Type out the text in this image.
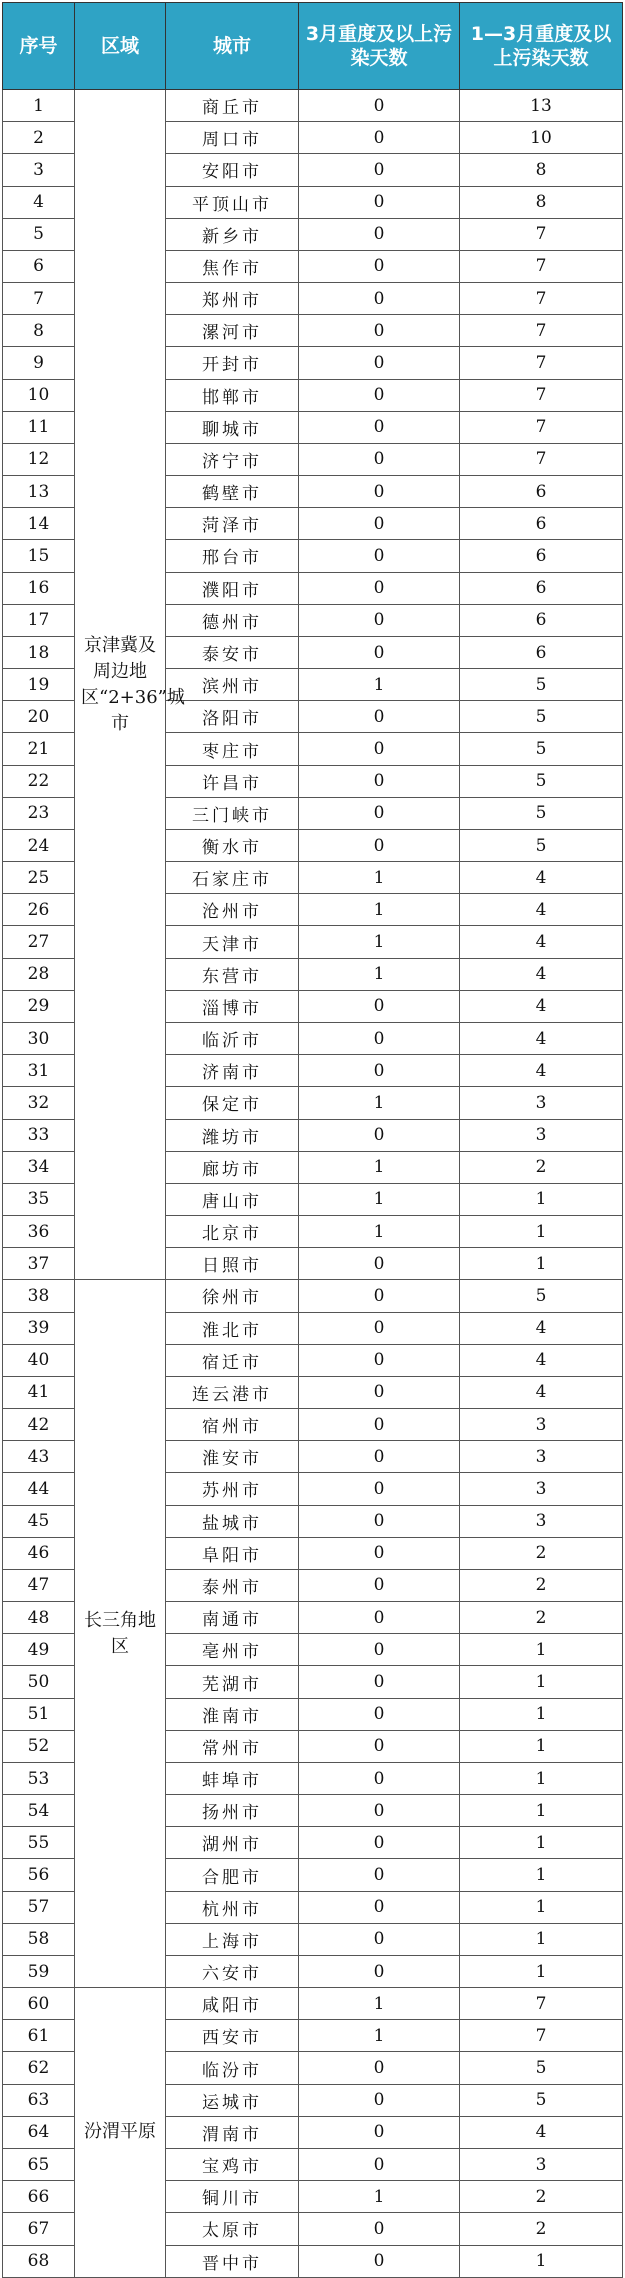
序号	区域	城市	3月重度及以上污染天数	1—3月重度及以上污染天数
1	京津冀及周边地区“2+36”城市	商丘市	0	13
2		周口市	0	10
3		安阳市	0	8
4		平顶山市	0	8
5		新乡市	0	7
6		焦作市	0	7
7		郑州市	0	7
8		漯河市	0	7
9		开封市	0	7
10		邯郸市	0	7
11		聊城市	0	7
12		济宁市	0	7
13		鹤壁市	0	6
14		菏泽市	0	6
15		邢台市	0	6
16		濮阳市	0	6
17		德州市	0	6
18		泰安市	0	6
19		滨州市	1	5
20		洛阳市	0	5
21		枣庄市	0	5
22		许昌市	0	5
23		三门峡市	0	5
24		衡水市	0	5
25		石家庄市	1	4
26		沧州市	1	4
27		天津市	1	4
28		东营市	1	4
29		淄博市	0	4
30		临沂市	0	4
31		济南市	0	4
32		保定市	1	3
33		潍坊市	0	3
34		廊坊市	1	2
35		唐山市	1	1
36		北京市	1	1
37		日照市	0	1
38	长三角地区	徐州市	0	5
39		淮北市	0	4
40		宿迁市	0	4
41		连云港市	0	4
42		宿州市	0	3
43		淮安市	0	3
44		苏州市	0	3
45		盐城市	0	3
46		阜阳市	0	2
47		泰州市	0	2
48		南通市	0	2
49		亳州市	0	1
50		芜湖市	0	1
51		淮南市	0	1
52		常州市	0	1
53		蚌埠市	0	1
54		扬州市	0	1
55		湖州市	0	1
56		合肥市	0	1
57		杭州市	0	1
58		上海市	0	1
59		六安市	0	1
60	汾渭平原	咸阳市	1	7
61		西安市	1	7
62		临汾市	0	5
63		运城市	0	5
64		渭南市	0	4
65		宝鸡市	0	3
66		铜川市	1	2
67		太原市	0	2
68		晋中市	0	1
